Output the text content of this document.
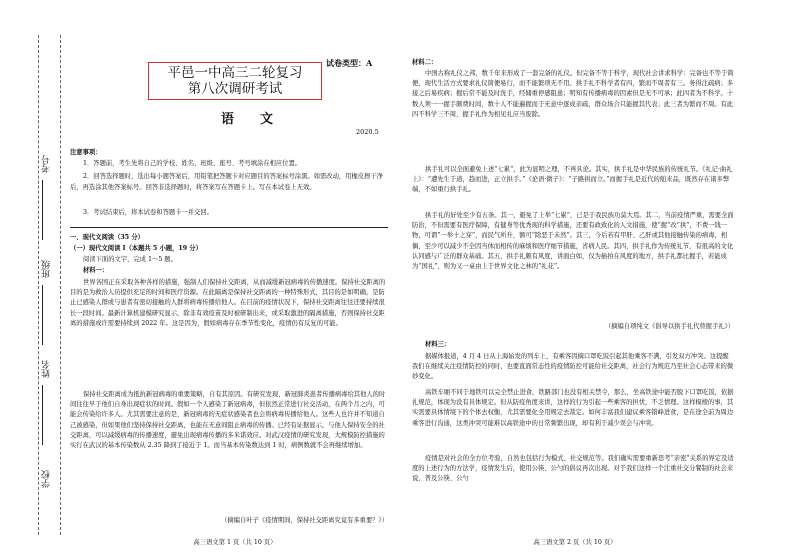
学校
姓名
班级
考号
试卷类型：A
平邑一中高三二轮复习
第八次调研考试
语　　文
2020.5
注意事项：
1．答题前，考生先将自己的学校、姓名、班级、座号、考号填涂在相应位置。
2．回答选择题时，选出每小题答案后，用铅笔把答题卡对应题目的答案标号涂黑。如需改动，用橡皮擦干净后，再选涂其他答案标号。回答非选择题时，将答案写在答题卡上。写在本试卷上无效。
3．考试结束后，将本试卷和答题卡一并交回。
一、现代文阅读（35 分）
（一）现代文阅读 I（本题共 5 小题，19 分）
阅读下面的文字，完成 1～5 题。
材料一：
世界各国正在采取各种各样的措施，强制人们保持社交距离，从而减缓新冠病毒的传播速度。保持社交距离的目的是为救治人员提供充足的时间和医疗资源。在此隔离是保持社交距离的一种特殊形式，其目的是如明确，是防止已感染人群或与患者有密切接触的人群将病毒传播给他人。在目前的疫情状况下，保持社交距离往往还要持续很长一段时间。最新计算机建模研究显示，除非有效疫苗及时被研制出来，或采取激进的隔离措施，否则保持社交距离的措施或许需要持续到 2022 年。这是因为，假如病毒存在季节性变化，疫情仍有反复的可能。
保持社交距离成为抵抗新冠病毒的重要策略，自有其原因。有研究发现，新冠肺炎患者传播病毒给其他人的时间往往早于他们自身出现症状的时间。假如一个人感染了新冠病毒，但依然正常进行社交活动，在两个月之内，可能会传染给许多人。尤其需要注意的是，新冠病毒的无症状感染者也会将病毒传播给他人。这些人也许并不知道自己被感染，但如果他们坚持保持社交距离，也能在无意间阻止病毒的传播。已经有证据显示，与他人保持安全的社交距离，可以减缓病毒的传播速度，避免出现病毒传播的多米诺效应。对武汉疫情的研究发现，大规模防控措施的实行在武汉的基本传染数从 2.35 降到了接近于 1。而当基本传染数达到 1 时，病例数就不会再继续增加。
（摘编自叶子《疫情期间，保持社交距离究竟有多重要？》）
高三语文第 1 页（共 10 页）
材料二：
中国古称礼仪之邦，数千年来形成了一套完备的礼仪。但完备不等于科学，现代社会讲求科学：完备也不等于简便，现代生活方式要求礼仪简便易行，而不能繁琐无不用。拱手礼不科学者有四，繁而不周者有三。务得注疏病；多接之后易疾病；握后常不能及时洗手，经储重停感阻患；明知有传播病毒的因素但是无不可承；此四者为不科学。十数人须一一握手颇费时间，数十人不能遍握而于无意中逐成亲疏，群众场合只能握其代表；此三者为繁而不周。有此四不科学三不周，握手礼作为相见礼应当废除。
拱手礼可以全面避免上述“七累”，此为显明之理，不再具论。其实，拱手礼是中华民族的传统礼节。《礼记·曲礼上》：“遭先生于道，趋而进，正立拱手。”《论语·微子》：“子路拱而立。”而握手礼是近代的舶来品，既然存在诸多弊端，不如重行拱手礼。
拱手礼的好处至少有五条。其一，避免了上举“七累”，已是于我民族功莫大焉。其二，当前疫情严重，需要全面防治，不但需要有医疗保障，有健身等优秀现的科学措施，还要有政致化的人文措施，使“握”改“拱”，不费一钱一物，可谓“一举十之穿”，而民气所升，额可“除恶于未然”。其三，今后若有甲肝、乙肝或其他接触传染的病毒，相偶，至少可以减少不全因当体而相传的麻烦和医疗细节措施，省病人民。其四，拱手礼作为传统礼节，有很高的文化认同感与广泛的群众基础。其五，拱手礼颇有风度，讲面白如，仅为插拍在风度的地方，拱手礼都比握手，若能成为“国礼”，则为又一桌由上于世界文化之林的“礼花”。
（摘编自项纯文《倡导以拱手礼代替握手礼》）
材料三：
据媒体报道，4 月 4 日从上海始发的列车上，有乘客因摘口罩吃饭引起其他乘客不满，引发双方冲突。这提醒我们在继续关注疫情防控的同时，也要直面常态性的疫情防控可能给社交距离，社会行为规范乃至社会心态带来的微妙变化。
高铁车厢不同于地铁可以完全禁止进食，铁路部门也没有相关禁令，那么，坐高铁途中能否脱下口罩吃饭，依据礼规范，体现为没有具体规定。但从防疫角度来讲，这样的行为引起一些乘客的担忧，不乏情理。这样模棱的事，其实需要具体情境下的个体去权衡，尤其需要化全用规定去裁定。如何丰富我们建议乘客错峰进食，是在途全前为周边乘客进行沟通，这类冲突可能难以高铁途中的日常频繁出现，却有利于减少误会与冲突。
疫情是对社会的全方位考验，自然也包括行为模式、社交规范等。我们确实需要重新思考“亲密”关系的界定及适度的上述行为的方法学，疫情发生后，使用公筷、公勺的倡议再次出现。对于我们这样一个注重社交分餐制的社会来说，普及公筷、公勺
高三语文第 2 页（共 10 页）
